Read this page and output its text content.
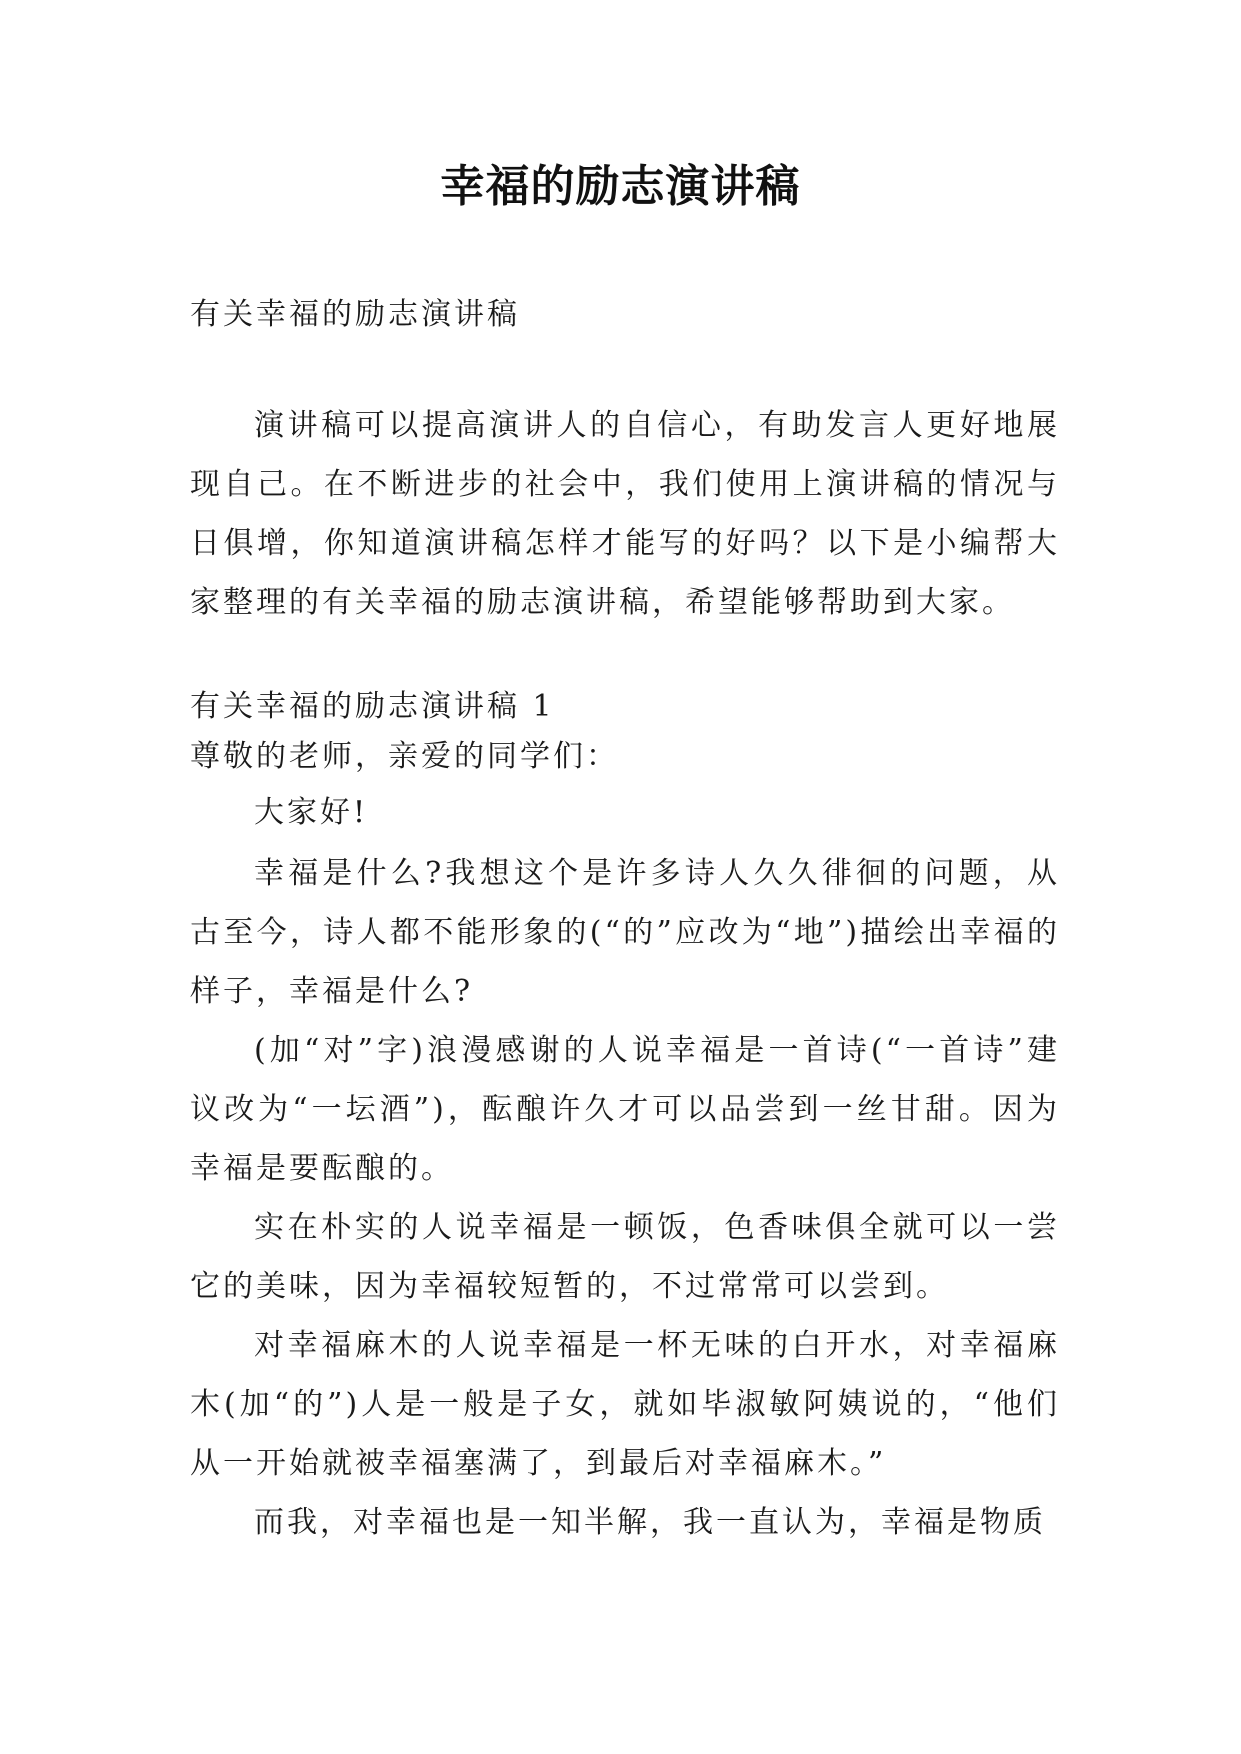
幸福的励志演讲稿

有关幸福的励志演讲稿

演讲稿可以提高演讲人的自信心，有助发言人更好地展现自己。在不断进步的社会中，我们使用上演讲稿的情况与日俱增，你知道演讲稿怎样才能写的好吗？以下是小编帮大家整理的有关幸福的励志演讲稿，希望能够帮助到大家。

有关幸福的励志演讲稿 1

尊敬的老师，亲爱的同学们：

大家好!

幸福是什么?我想这个是许多诗人久久徘徊的问题，从古至今，诗人都不能形象的(“的”应改为“地”)描绘出幸福的样子，幸福是什么?

(加“对”字)浪漫感谢的人说幸福是一首诗(“一首诗”建议改为“一坛酒”)，酝酿许久才可以品尝到一丝甘甜。因为幸福是要酝酿的。

实在朴实的人说幸福是一顿饭，色香味俱全就可以一尝它的美味，因为幸福较短暂的，不过常常可以尝到。

对幸福麻木的人说幸福是一杯无味的白开水，对幸福麻木(加“的”)人是一般是子女，就如毕淑敏阿姨说的，“他们从一开始就被幸福塞满了，到最后对幸福麻木。”

而我，对幸福也是一知半解，我一直认为，幸福是物质
